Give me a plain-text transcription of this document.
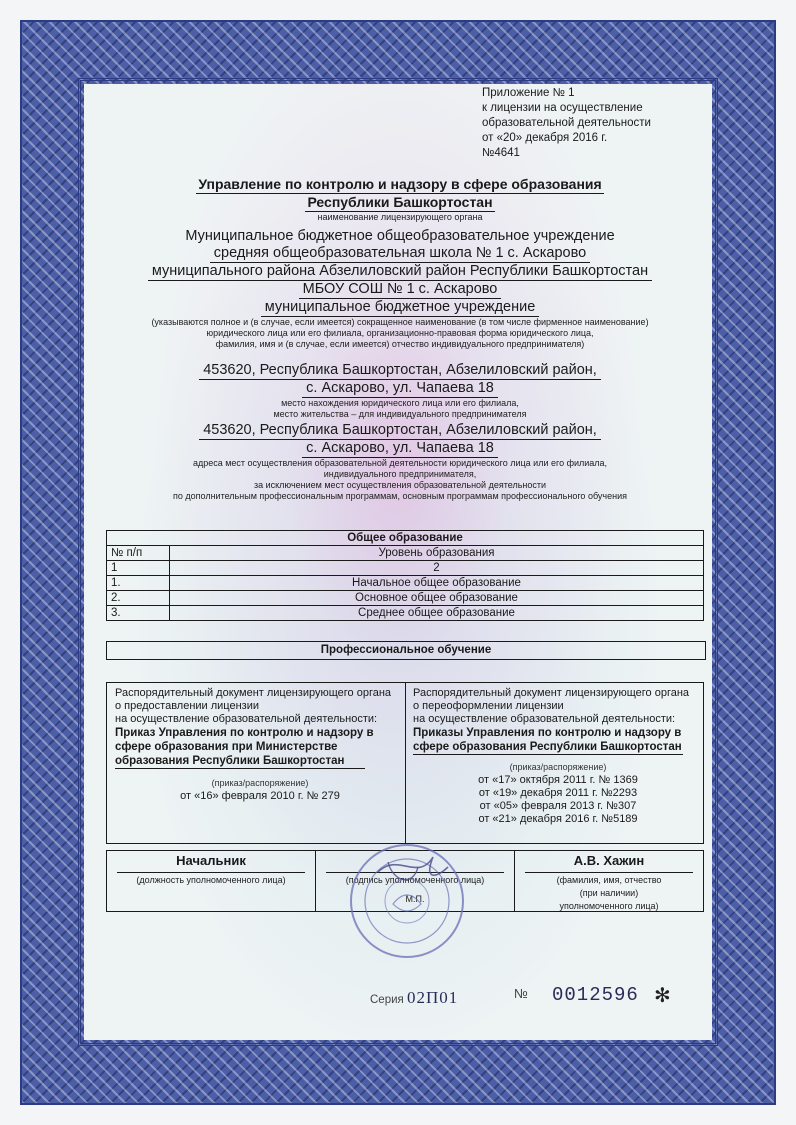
Приложение № 1
к лицензии на осуществление
образовательной деятельности
от «20» декабря 2016 г.
№4641
Управление по контролю и надзору в сфере образования
Республики Башкортостан
наименование лицензирующего органа
Муниципальное бюджетное общеобразовательное учреждение
средняя общеобразовательная школа № 1 с. Аскарово
муниципального района Абзелиловский район Республики Башкортостан
МБОУ СОШ № 1 с. Аскарово
муниципальное бюджетное учреждение
(указываются полное и (в случае, если имеется) сокращенное наименование (в том числе фирменное наименование)
юридического лица или его филиала, организационно-правовая форма юридического лица,
фамилия, имя и (в случае, если имеется) отчество индивидуального предпринимателя)
453620, Республика Башкортостан, Абзелиловский район,
с. Аскарово, ул. Чапаева 18
место нахождения юридического лица или его филиала,
место жительства – для индивидуального предпринимателя
453620, Республика Башкортостан, Абзелиловский район,
с. Аскарово, ул. Чапаева 18
адреса мест осуществления образовательной деятельности юридического лица или его филиала,
индивидуального предпринимателя,
за исключением мест осуществления образовательной деятельности
по дополнительным профессиональным программам, основным программам профессионального обучения
Общее образование	
№ п/п	Уровень образования
1	2
1.	Начальное общее образование
2.	Основное общее образование
3.	Среднее общее образование
Профессиональное обучение
Распорядительный документ лицензирующего органа
о предоставлении лицензии
на осуществление образовательной деятельности:
Приказ Управления по контролю и надзору в
сфере образования при Министерстве
образования Республики Башкортостан
(приказ/распоряжение)
от «16» февраля 2010 г. № 279
Распорядительный документ лицензирующего органа
о переоформлении лицензии
на осуществление образовательной деятельности:
Приказы Управления по контролю и надзору в
сфере образования Республики Башкортостан
(приказ/распоряжение)
от «17» октября 2011 г. № 1369
от «19» декабря 2011 г. №2293
от «05» февраля 2013 г. №307
от «21» декабря 2016 г. №5189
Начальник
(должность уполномоченного лица)
	(подпись уполномоченного лица)
М.П.
А.В. Хажин
(фамилия, имя, отчество
(при наличии)
уполномоченного лица)
Серия 02П01	№ 0012596 ✻
